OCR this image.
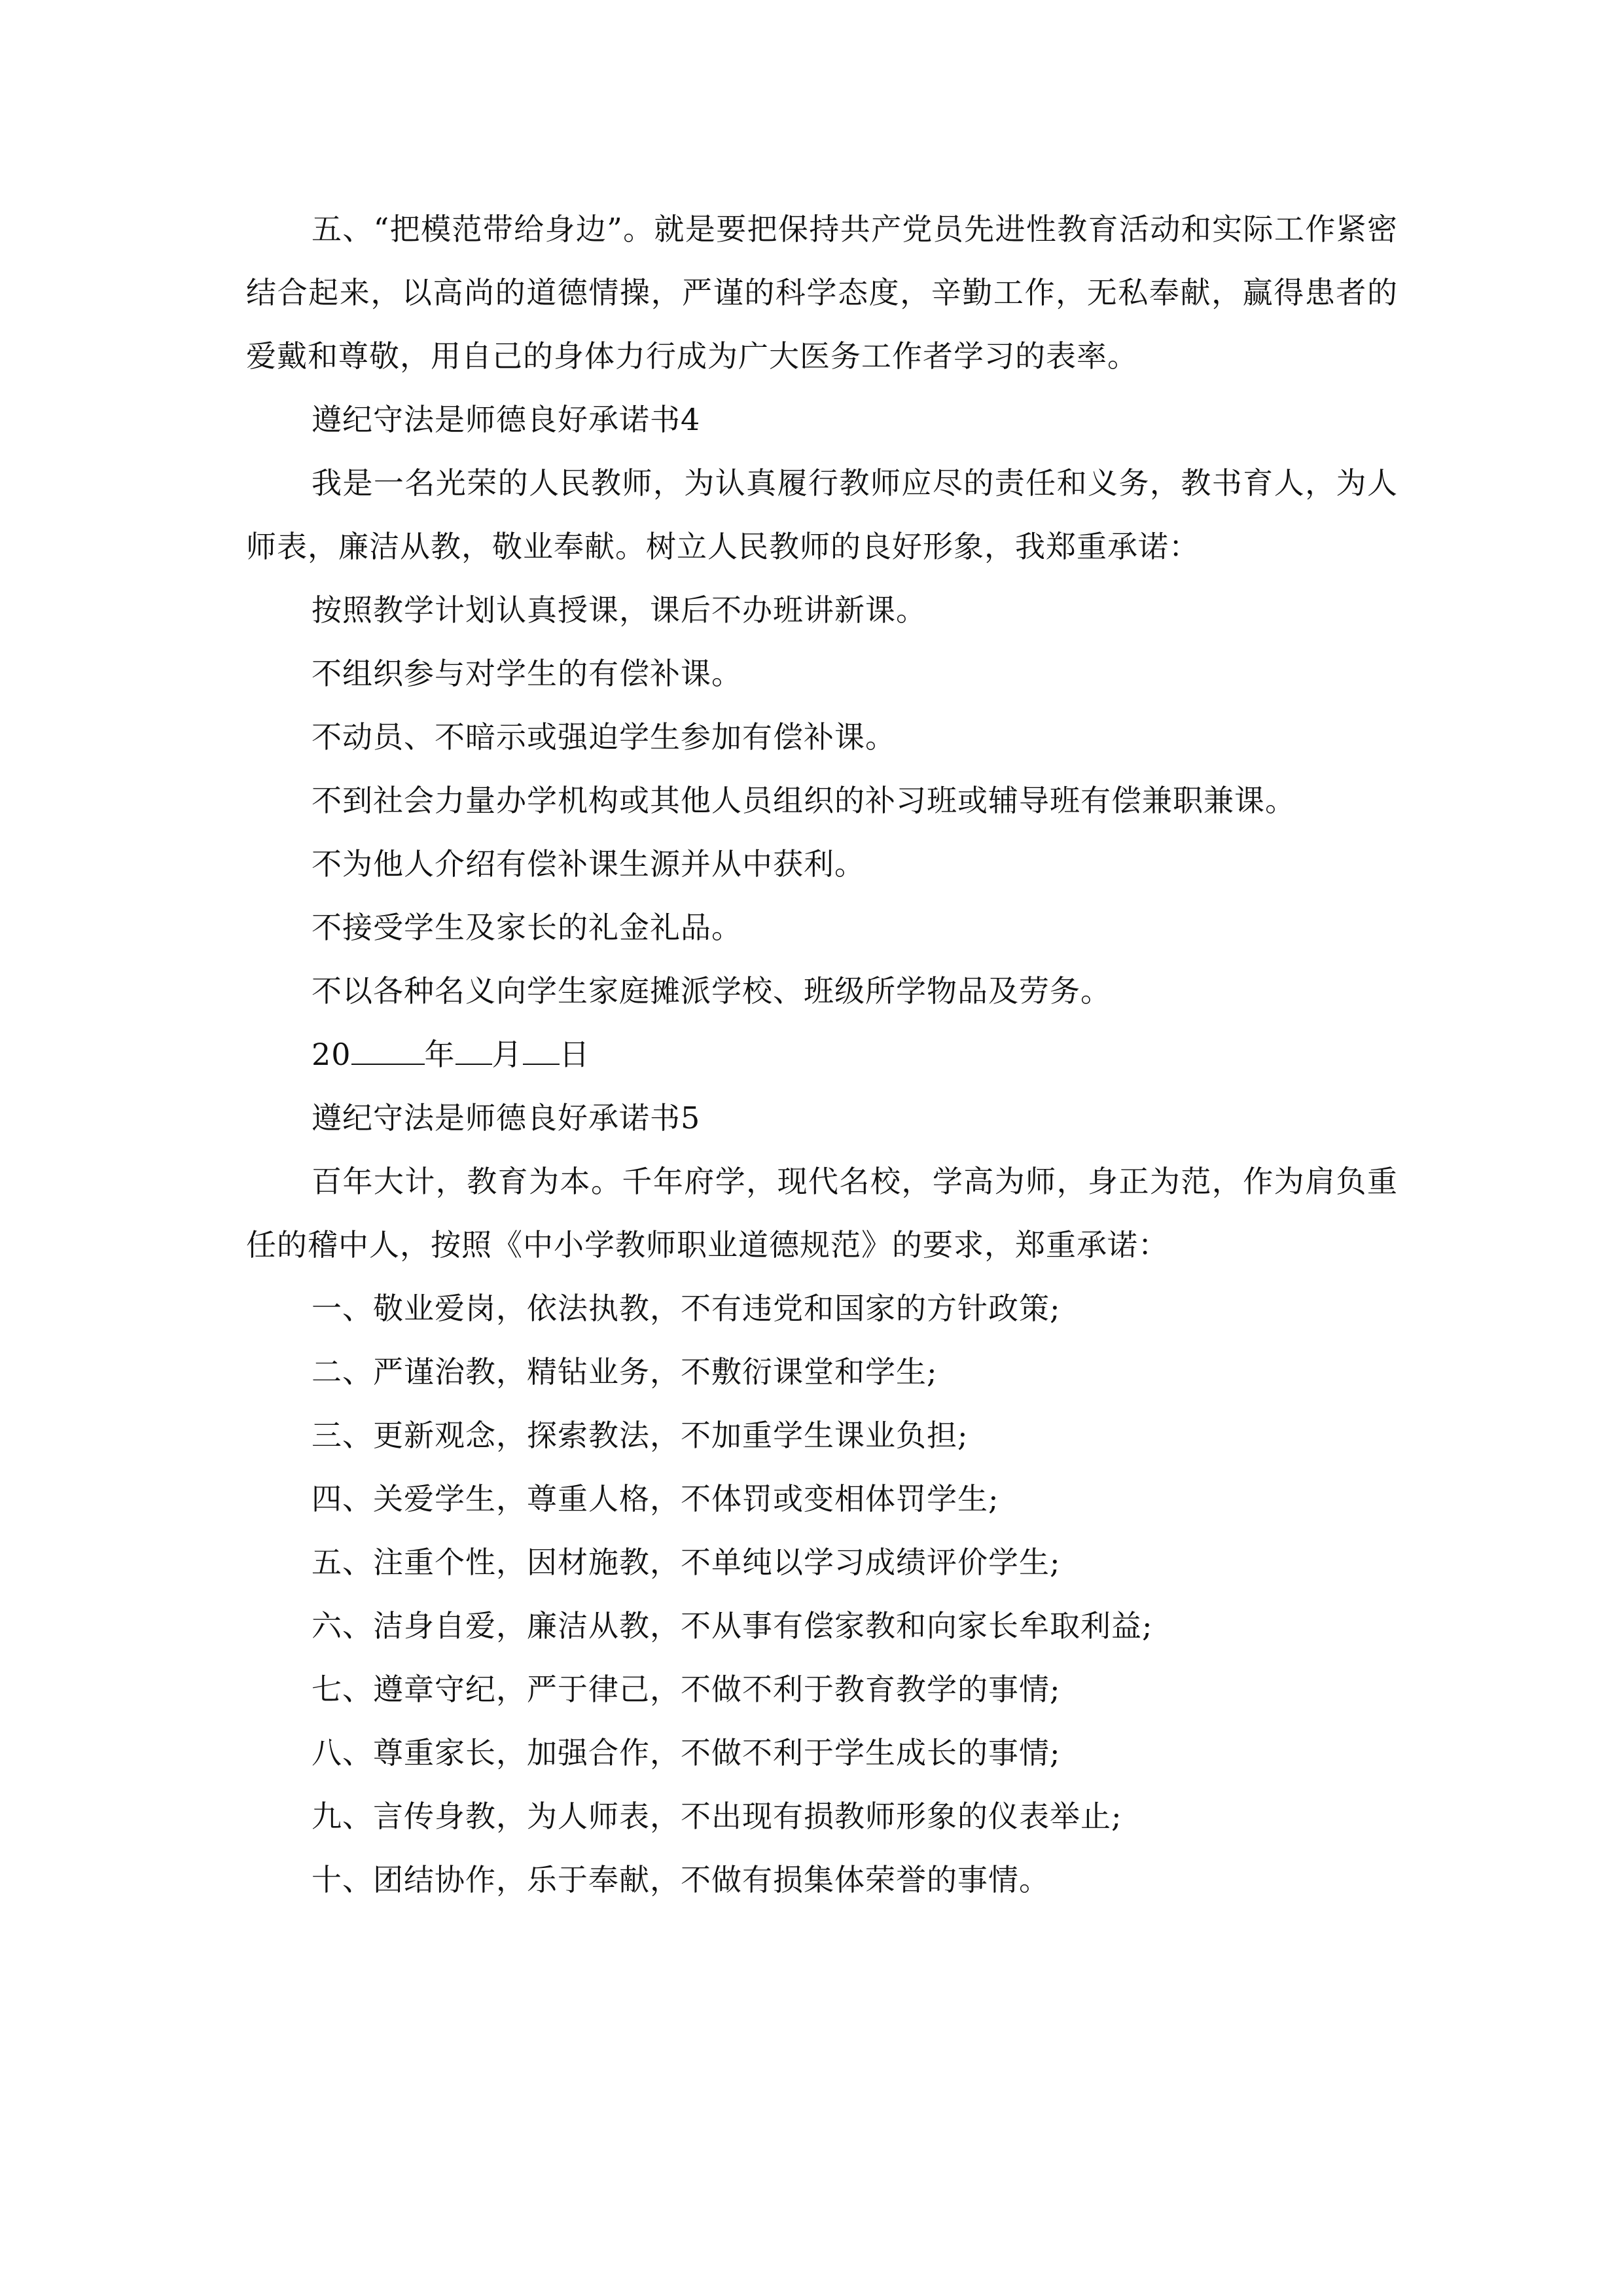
五、“把模范带给身边”。就是要把保持共产党员先进性教育活动和实际工作紧密结合起来，以高尚的道德情操，严谨的科学态度，辛勤工作，无私奉献，赢得患者的爱戴和尊敬，用自己的身体力行成为广大医务工作者学习的表率。

遵纪守法是师德良好承诺书4

我是一名光荣的人民教师，为认真履行教师应尽的责任和义务，教书育人，为人师表，廉洁从教，敬业奉献。树立人民教师的良好形象，我郑重承诺：

按照教学计划认真授课，课后不办班讲新课。

不组织参与对学生的有偿补课。

不动员、不暗示或强迫学生参加有偿补课。

不到社会力量办学机构或其他人员组织的补习班或辅导班有偿兼职兼课。

不为他人介绍有偿补课生源并从中获利。

不接受学生及家长的礼金礼品。

不以各种名义向学生家庭摊派学校、班级所学物品及劳务。

20 年 月 日

遵纪守法是师德良好承诺书5

百年大计，教育为本。千年府学，现代名校，学高为师，身正为范，作为肩负重任的稽中人，按照《中小学教师职业道德规范》的要求，郑重承诺：

一、敬业爱岗，依法执教，不有违党和国家的方针政策;

二、严谨治教，精钻业务，不敷衍课堂和学生;

三、更新观念，探索教法，不加重学生课业负担;

四、关爱学生，尊重人格，不体罚或变相体罚学生;

五、注重个性，因材施教，不单纯以学习成绩评价学生;

六、洁身自爱，廉洁从教，不从事有偿家教和向家长牟取利益;

七、遵章守纪，严于律己，不做不利于教育教学的事情;

八、尊重家长，加强合作，不做不利于学生成长的事情;

九、言传身教，为人师表，不出现有损教师形象的仪表举止;

十、团结协作，乐于奉献，不做有损集体荣誉的事情。
